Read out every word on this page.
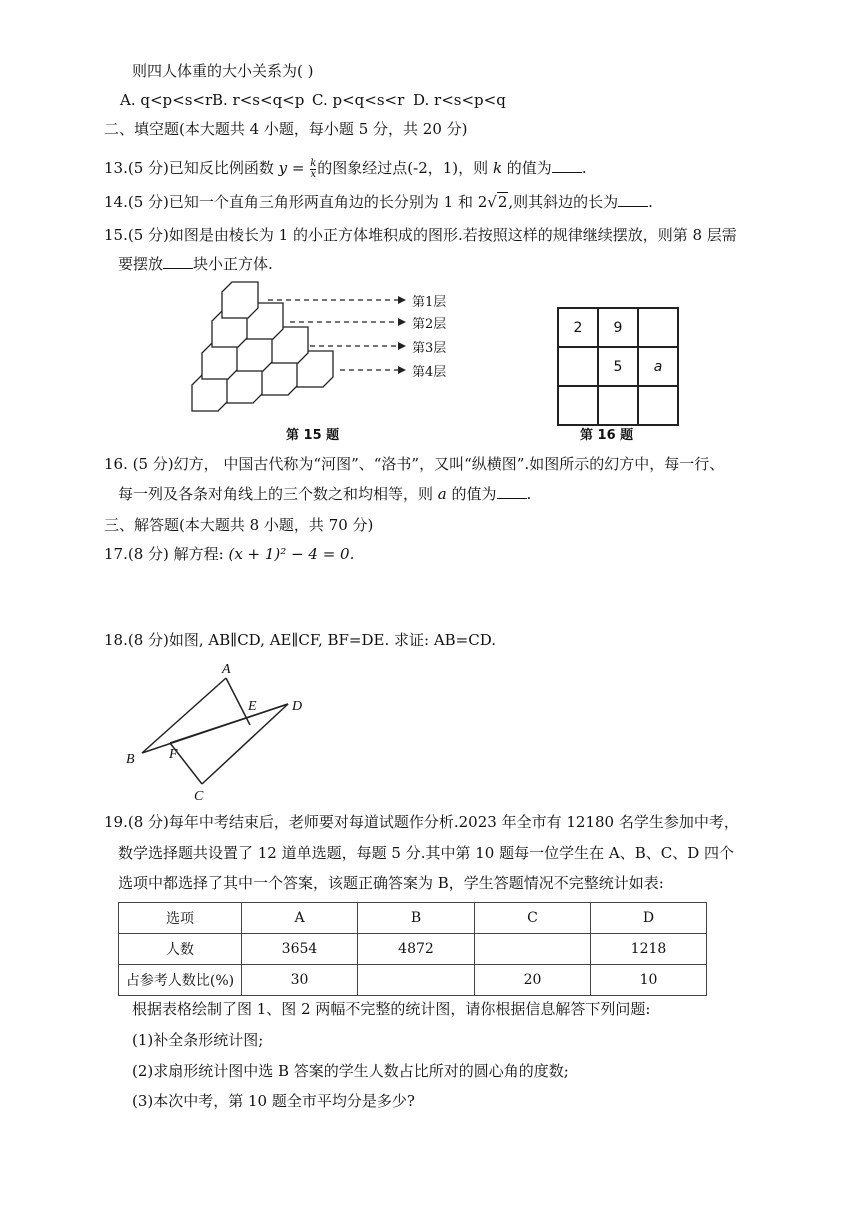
则四人体重的大小关系为( )
A. q<p<s<r B. r<s<q<p C. p<q<s<r D. r<s<p<q
二、填空题(本大题共 4 小题，每小题 5 分，共 20 分)
13.(5 分)已知反比例函数 $y = \frac{k}{x}$ 的图象经过点(-2，1)，则 k 的值为 .
14.(5 分)已知一个直角三角形两直角边的长分别为 1 和 2√2,则其斜边的长为 .
15.(5 分)如图是由棱长为 1 的小正方体堆积成的图形.若按照这样的规律继续摆放，则第 8 层需
要摆放 块小正方体.
第1层
第2层
第3层
第4层
第 15 题
2	9	
	5	a

第 16 题
16. (5 分)幻方， 中国古代称为“河图”、“洛书”，又叫“纵横图”.如图所示的幻方中，每一行、
每一列及各条对角线上的三个数之和均相等，则 a 的值为 .
三、解答题(本大题共 8 小题，共 70 分)
17.(8 分) 解方程: (x + 1)² − 4 = 0.
18.(8 分)如图, AB∥CD, AE∥CF, BF=DE. 求证: AB=CD.
A
E	D
B F
C
19.(8 分)每年中考结束后，老师要对每道试题作分析.2023 年全市有 12180 名学生参加中考，
数学选择题共设置了 12 道单选题，每题 5 分.其中第 10 题每一位学生在 A、B、C、D 四个
选项中都选择了其中一个答案，该题正确答案为 B，学生答题情况不完整统计如表:
选项	A	B	C	D
人数	3654	4872		1218
占参考人数比(%)	30		20	10
根据表格绘制了图 1、图 2 两幅不完整的统计图，请你根据信息解答下列问题:
(1)补全条形统计图;
(2)求扇形统计图中选 B 答案的学生人数占比所对的圆心角的度数;
(3)本次中考，第 10 题全市平均分是多少?
